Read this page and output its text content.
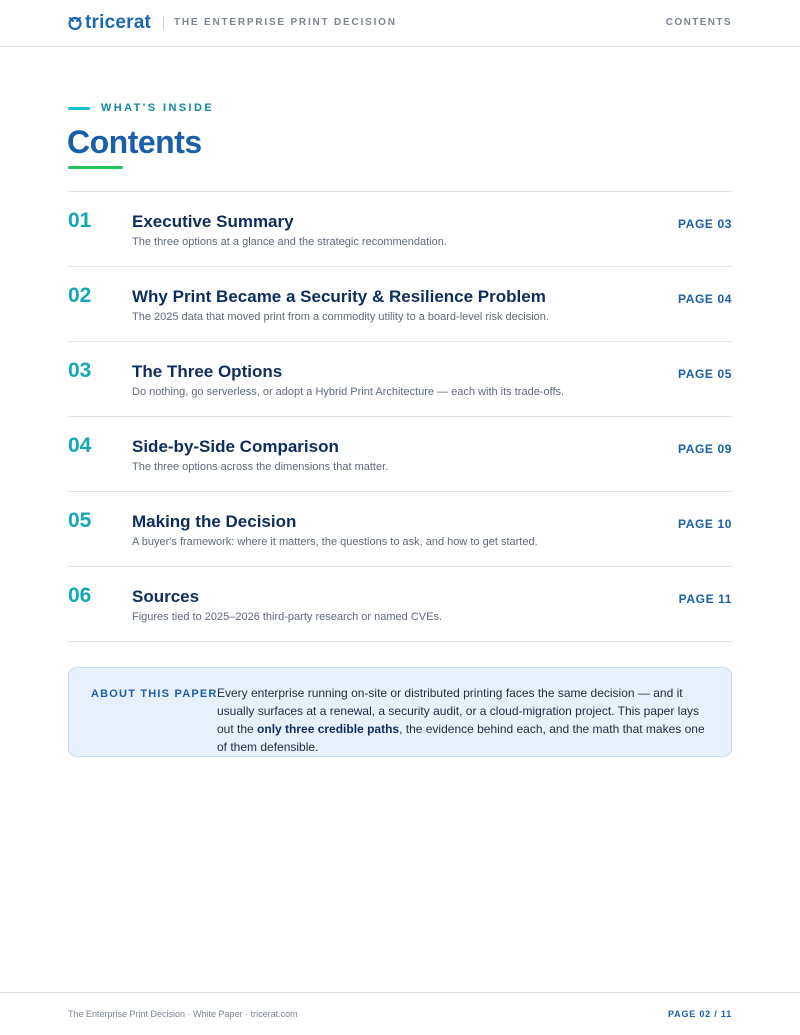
tricerat THE ENTERPRISE PRINT DECISION	CONTENTS
WHAT'S INSIDE
Contents
01 Executive Summary
The three options at a glance and the strategic recommendation.
PAGE 03
02 Why Print Became a Security & Resilience Problem
The 2025 data that moved print from a commodity utility to a board-level risk decision.
PAGE 04
03 The Three Options
Do nothing, go serverless, or adopt a Hybrid Print Architecture — each with its trade-offs.
PAGE 05
04 Side-by-Side Comparison
The three options across the dimensions that matter.
PAGE 09
05 Making the Decision
A buyer's framework: where it matters, the questions to ask, and how to get started.
PAGE 10
06 Sources
Figures tied to 2025–2026 third-party research or named CVEs.
PAGE 11
ABOUT THIS PAPER Every enterprise running on-site or distributed printing faces the same decision — and it usually surfaces at a renewal, a security audit, or a cloud-migration project. This paper lays out the only three credible paths, the evidence behind each, and the math that makes one of them defensible.

The Enterprise Print Decision · White Paper · tricerat.com	PAGE 02 / 11
